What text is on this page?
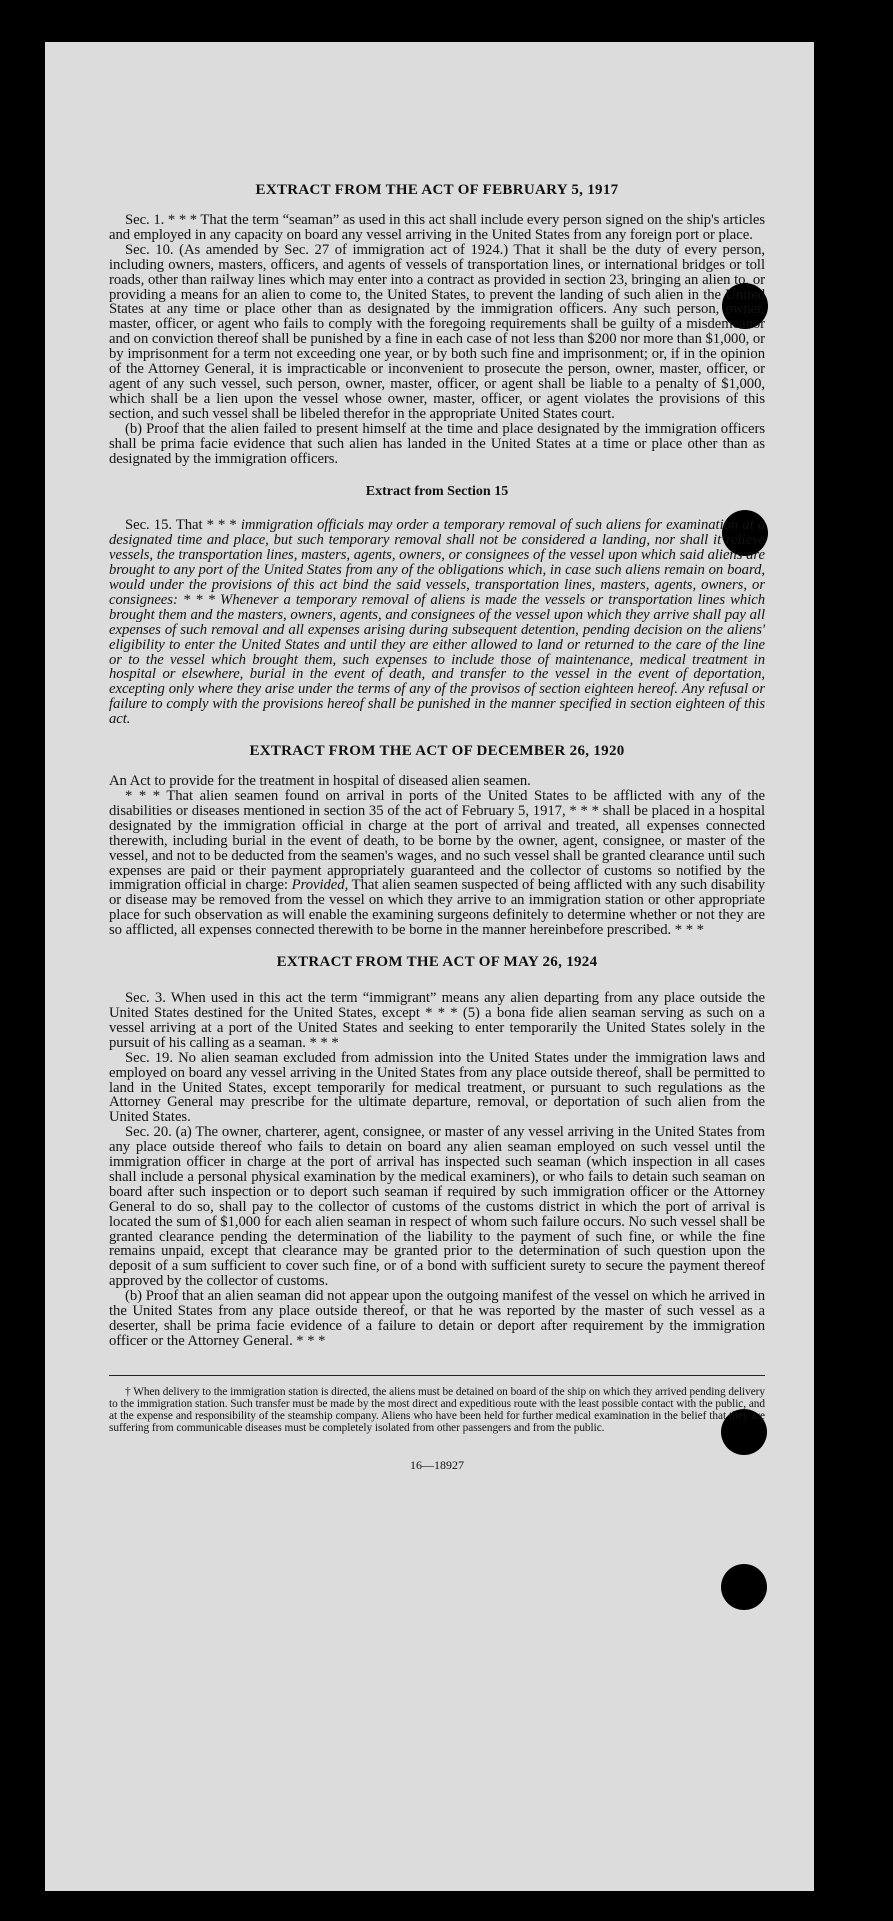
EXTRACT FROM THE ACT OF FEBRUARY 5, 1917

Sec. 1. * * * That the term “seaman” as used in this act shall include every person signed on the ship's articles and employed in any capacity on board any vessel arriving in the United States from any foreign port or place.

Sec. 10. (As amended by Sec. 27 of immigration act of 1924.) That it shall be the duty of every person, including owners, masters, officers, and agents of vessels of transportation lines, or international bridges or toll roads, other than railway lines which may enter into a contract as provided in section 23, bringing an alien to, or providing a means for an alien to come to, the United States, to prevent the landing of such alien in the United States at any time or place other than as designated by the immigration officers. Any such person, owner, master, officer, or agent who fails to comply with the foregoing requirements shall be guilty of a misdemeanor and on conviction thereof shall be punished by a fine in each case of not less than $200 nor more than $1,000, or by imprisonment for a term not exceeding one year, or by both such fine and imprisonment; or, if in the opinion of the Attorney General, it is impracticable or inconvenient to prosecute the person, owner, master, officer, or agent of any such vessel, such person, owner, master, officer, or agent shall be liable to a penalty of $1,000, which shall be a lien upon the vessel whose owner, master, officer, or agent violates the provisions of this section, and such vessel shall be libeled therefor in the appropriate United States court.

(b) Proof that the alien failed to present himself at the time and place designated by the immigration officers shall be prima facie evidence that such alien has landed in the United States at a time or place other than as designated by the immigration officers.

Extract from Section 15

Sec. 15. That * * * immigration officials may order a temporary removal of such aliens for examination at a designated time and place, but such temporary removal shall not be considered a landing, nor shall it relieve vessels, the transportation lines, masters, agents, owners, or consignees of the vessel upon which said aliens are brought to any port of the United States from any of the obligations which, in case such aliens remain on board, would under the provisions of this act bind the said vessels, transportation lines, masters, agents, owners, or consignees: * * * Whenever a temporary removal of aliens is made the vessels or transportation lines which brought them and the masters, owners, agents, and consignees of the vessel upon which they arrive shall pay all expenses of such removal and all expenses arising during subsequent detention, pending decision on the aliens' eligibility to enter the United States and until they are either allowed to land or returned to the care of the line or to the vessel which brought them, such expenses to include those of maintenance, medical treatment in hospital or elsewhere, burial in the event of death, and transfer to the vessel in the event of deportation, excepting only where they arise under the terms of any of the provisos of section eighteen hereof. Any refusal or failure to comply with the provisions hereof shall be punished in the manner specified in section eighteen of this act.

EXTRACT FROM THE ACT OF DECEMBER 26, 1920

An Act to provide for the treatment in hospital of diseased alien seamen.

* * * That alien seamen found on arrival in ports of the United States to be afflicted with any of the disabilities or diseases mentioned in section 35 of the act of February 5, 1917, * * * shall be placed in a hospital designated by the immigration official in charge at the port of arrival and treated, all expenses connected therewith, including burial in the event of death, to be borne by the owner, agent, consignee, or master of the vessel, and not to be deducted from the seamen's wages, and no such vessel shall be granted clearance until such expenses are paid or their payment appropriately guaranteed and the collector of customs so notified by the immigration official in charge: Provided, That alien seamen suspected of being afflicted with any such disability or disease may be removed from the vessel on which they arrive to an immigration station or other appropriate place for such observation as will enable the examining surgeons definitely to determine whether or not they are so afflicted, all expenses connected therewith to be borne in the manner hereinbefore prescribed. * * *

EXTRACT FROM THE ACT OF MAY 26, 1924

Sec. 3. When used in this act the term “immigrant” means any alien departing from any place outside the United States destined for the United States, except * * * (5) a bona fide alien seaman serving as such on a vessel arriving at a port of the United States and seeking to enter temporarily the United States solely in the pursuit of his calling as a seaman. * * *

Sec. 19. No alien seaman excluded from admission into the United States under the immigration laws and employed on board any vessel arriving in the United States from any place outside thereof, shall be permitted to land in the United States, except temporarily for medical treatment, or pursuant to such regulations as the Attorney General may prescribe for the ultimate departure, removal, or deportation of such alien from the United States.

Sec. 20. (a) The owner, charterer, agent, consignee, or master of any vessel arriving in the United States from any place outside thereof who fails to detain on board any alien seaman employed on such vessel until the immigration officer in charge at the port of arrival has inspected such seaman (which inspection in all cases shall include a personal physical examination by the medical examiners), or who fails to detain such seaman on board after such inspection or to deport such seaman if required by such immigration officer or the Attorney General to do so, shall pay to the collector of customs of the customs district in which the port of arrival is located the sum of $1,000 for each alien seaman in respect of whom such failure occurs. No such vessel shall be granted clearance pending the determination of the liability to the payment of such fine, or while the fine remains unpaid, except that clearance may be granted prior to the determination of such question upon the deposit of a sum sufficient to cover such fine, or of a bond with sufficient surety to secure the payment thereof approved by the collector of customs.

(b) Proof that an alien seaman did not appear upon the outgoing manifest of the vessel on which he arrived in the United States from any place outside thereof, or that he was reported by the master of such vessel as a deserter, shall be prima facie evidence of a failure to detain or deport after requirement by the immigration officer or the Attorney General. * * *

† When delivery to the immigration station is directed, the aliens must be detained on board of the ship on which they arrived pending delivery to the immigration station. Such transfer must be made by the most direct and expeditious route with the least possible contact with the public, and at the expense and responsibility of the steamship company. Aliens who have been held for further medical examination in the belief that they are suffering from communicable diseases must be completely isolated from other passengers and from the public.

16—18927
